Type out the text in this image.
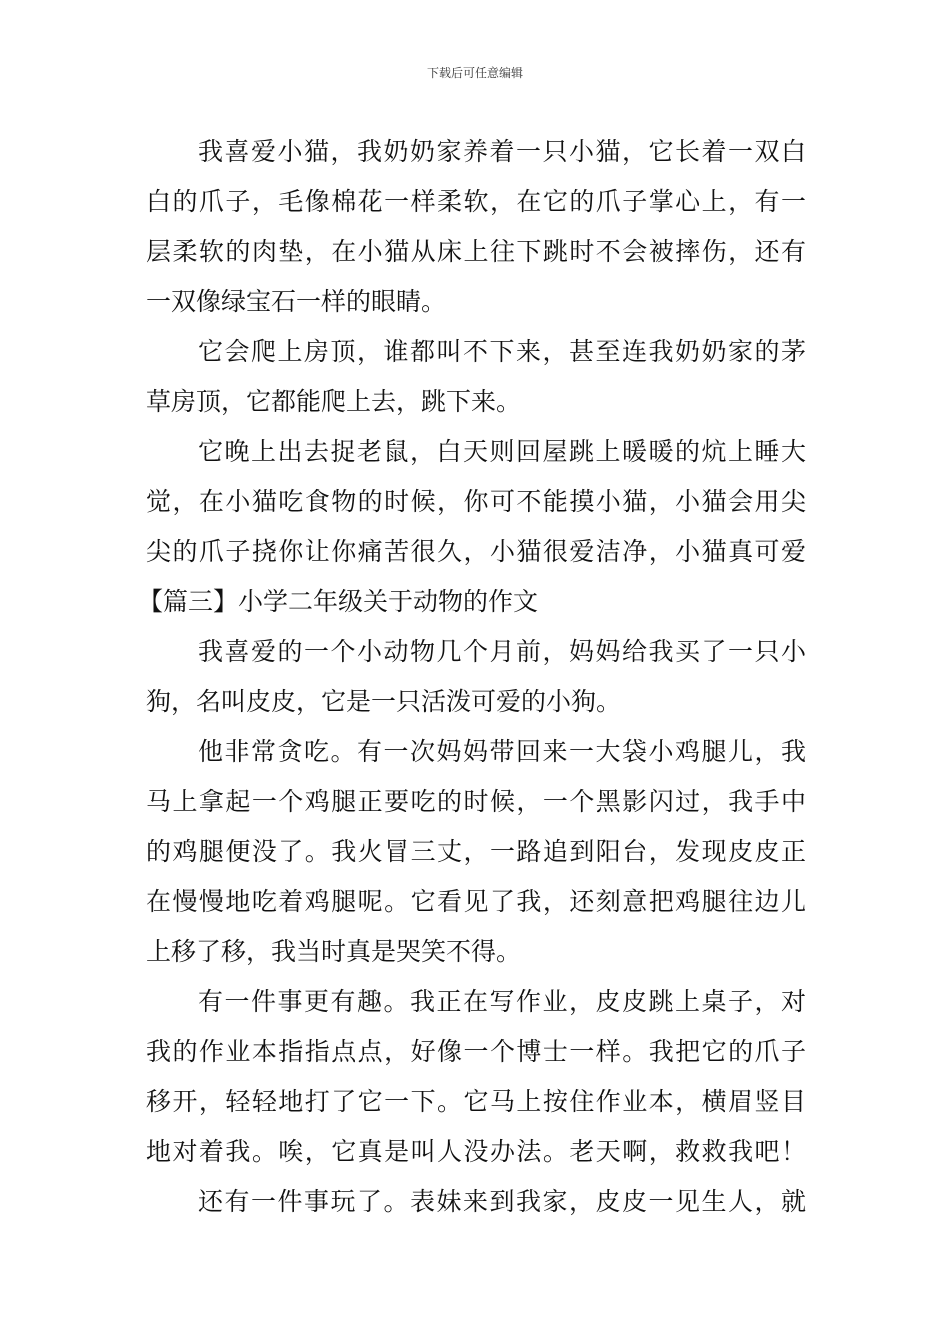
下载后可任意编辑
我喜爱小猫，我奶奶家养着一只小猫，它长着一双白
白的爪子，毛像棉花一样柔软，在它的爪子掌心上，有一
层柔软的肉垫，在小猫从床上往下跳时不会被摔伤，还有
一双像绿宝石一样的眼睛。
它会爬上房顶，谁都叫不下来，甚至连我奶奶家的茅
草房顶，它都能爬上去，跳下来。
它晚上出去捉老鼠，白天则回屋跳上暖暖的炕上睡大
觉，在小猫吃食物的时候，你可不能摸小猫，小猫会用尖
尖的爪子挠你让你痛苦很久，小猫很爱洁净，小猫真可爱
【篇三】小学二年级关于动物的作文
我喜爱的一个小动物几个月前，妈妈给我买了一只小
狗，名叫皮皮，它是一只活泼可爱的小狗。
他非常贪吃。有一次妈妈带回来一大袋小鸡腿儿，我
马上拿起一个鸡腿正要吃的时候，一个黑影闪过，我手中
的鸡腿便没了。我火冒三丈，一路追到阳台，发现皮皮正
在慢慢地吃着鸡腿呢。它看见了我，还刻意把鸡腿往边儿
上移了移，我当时真是哭笑不得。
有一件事更有趣。我正在写作业，皮皮跳上桌子，对
我的作业本指指点点，好像一个博士一样。我把它的爪子
移开，轻轻地打了它一下。它马上按住作业本，横眉竖目
地对着我。唉，它真是叫人没办法。老天啊，救救我吧！
还有一件事玩了。表妹来到我家，皮皮一见生人，就
